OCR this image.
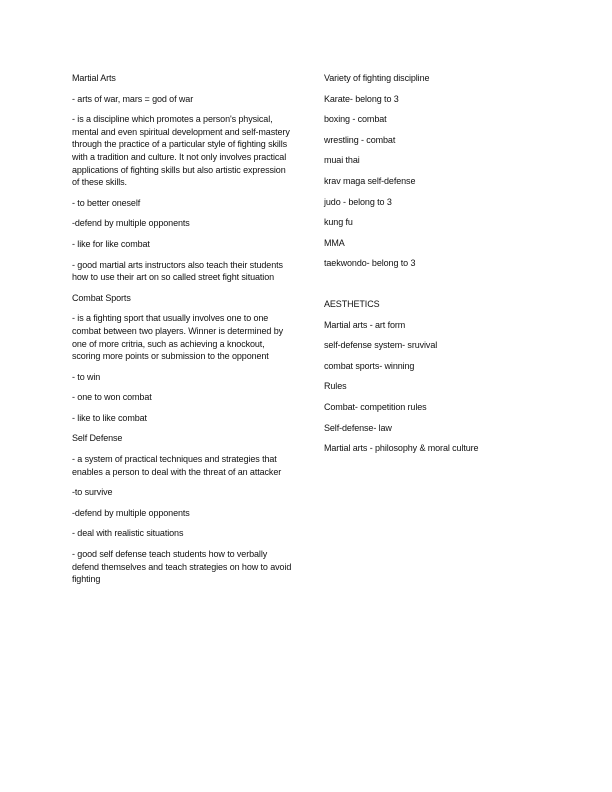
Martial Arts

- arts of war, mars = god of war

- is a discipline which promotes a person's physical, mental and even spiritual development and self-mastery through the practice of a particular style of fighting skills with a tradition and culture. It not only involves practical applications of fighting skills but also artistic expression of these skills.

- to better oneself

-defend by multiple opponents

- like for like combat

- good martial arts instructors also teach their students how to use their art on so called street fight situation

Combat Sports

- is a fighting sport that usually involves one to one combat between two players. Winner is determined by one of more critria, such as achieving a knockout, scoring more points or submission to the opponent

- to win

- one to won combat

- like to like combat

Self Defense

- a system of practical techniques and strategies that enables a person to deal with the threat of an attacker

-to survive

-defend by multiple opponents

- deal with realistic situations

- good self defense teach students how to verbally defend themselves and teach strategies on how to avoid fighting

Variety of fighting discipline

Karate- belong to 3

boxing - combat

wrestling - combat

muai thai

krav maga self-defense

judo - belong to 3

kung fu

MMA

taekwondo- belong to 3

AESTHETICS

Martial arts - art form

self-defense system- sruvival

combat sports- winning

Rules

Combat- competition rules

Self-defense- law

Martial arts - philosophy & moral culture
